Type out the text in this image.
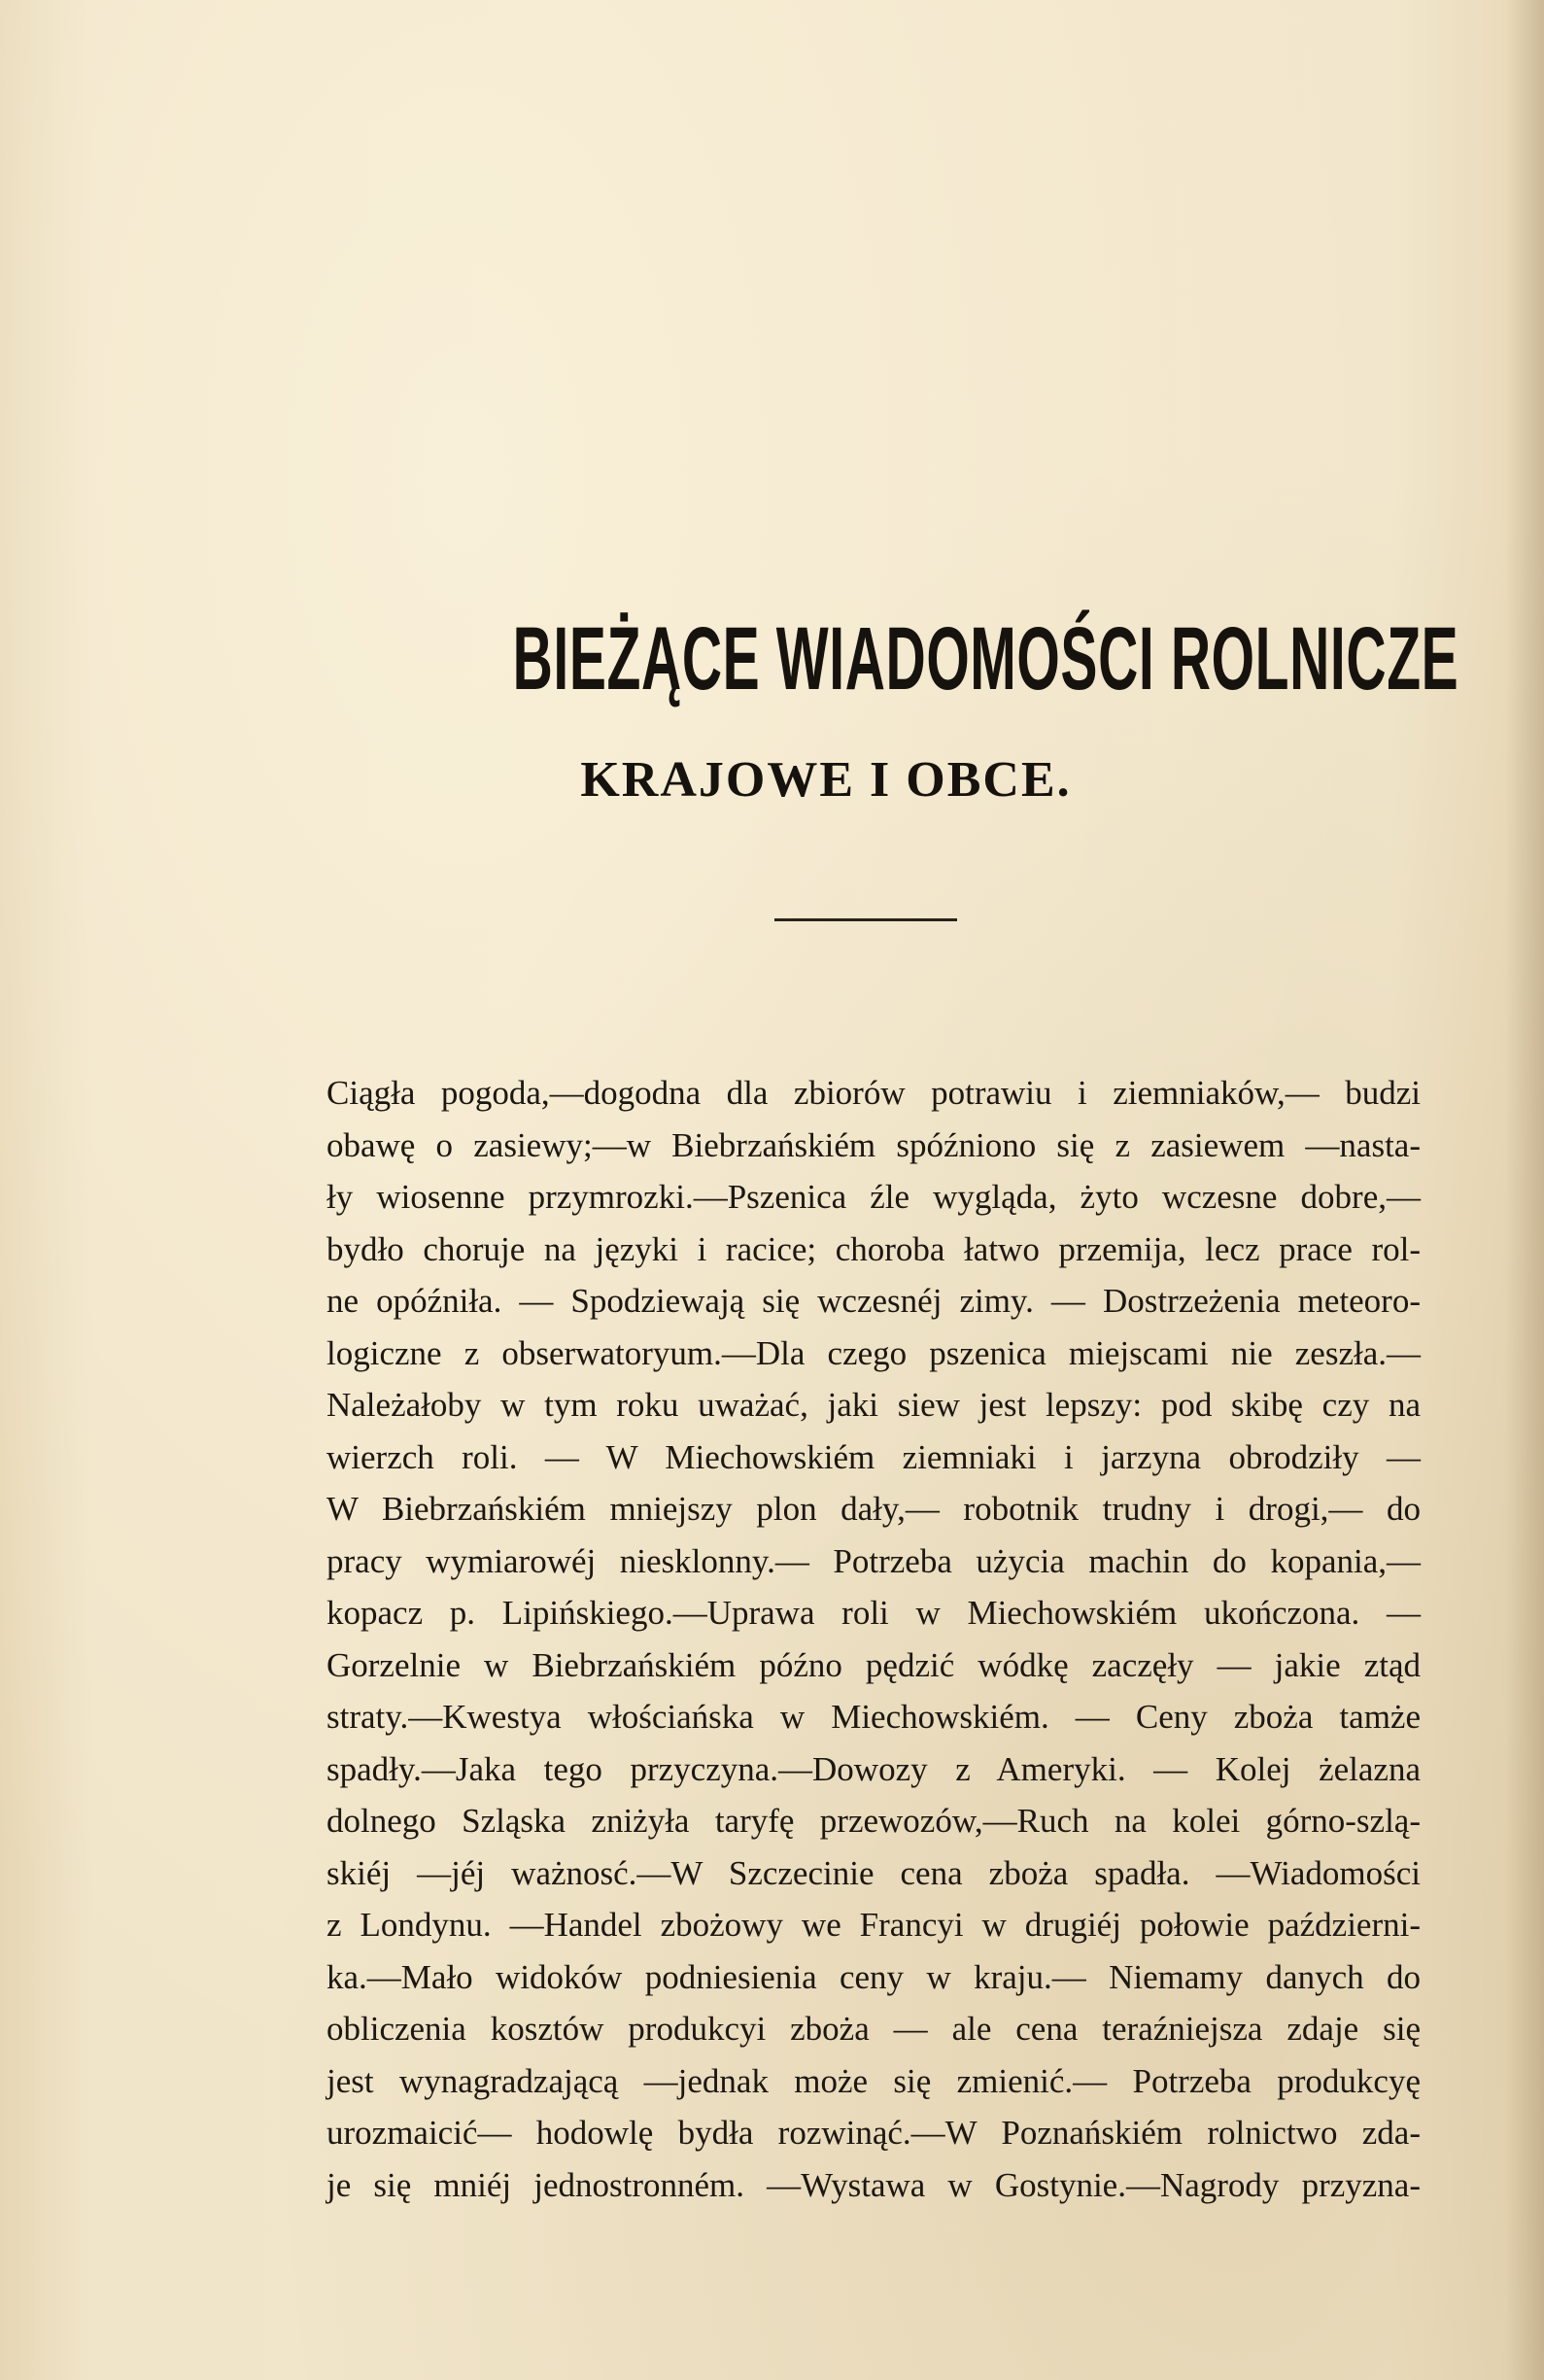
BIEŻĄCE WIADOMOŚCI ROLNICZE
KRAJOWE I OBCE.
Ciągła pogoda,—dogodna dla zbiorów potrawiu i ziemniaków,— budzi
obawę o zasiewy;—w Biebrzańskiém spóźniono się z zasiewem —nasta-
ły wiosenne przymrozki.—Pszenica źle wygląda, żyto wczesne dobre,—
bydło choruje na języki i racice; choroba łatwo przemija, lecz prace rol-
ne opóźniła. — Spodziewają się wczesnéj zimy. — Dostrzeżenia meteoro-
logiczne z obserwatoryum.—Dla czego pszenica miejscami nie zeszła.—
Należałoby w tym roku uważać, jaki siew jest lepszy: pod skibę czy na
wierzch roli. — W Miechowskiém ziemniaki i jarzyna obrodziły —
W Biebrzańskiém mniejszy plon dały,— robotnik trudny i drogi,— do
pracy wymiarowéj niesklonny.— Potrzeba użycia machin do kopania,—
kopacz p. Lipińskiego.—Uprawa roli w Miechowskiém ukończona. —
Gorzelnie w Biebrzańskiém późno pędzić wódkę zaczęły — jakie ztąd
straty.—Kwestya włościańska w Miechowskiém. — Ceny zboża tamże
spadły.—Jaka tego przyczyna.—Dowozy z Ameryki. — Kolej żelazna
dolnego Szląska zniżyła taryfę przewozów,—Ruch na kolei górno-szlą-
skiéj —jéj ważnosć.—W Szczecinie cena zboża spadła. —Wiadomości
z Londynu. —Handel zbożowy we Francyi w drugiéj połowie październi-
ka.—Mało widoków podniesienia ceny w kraju.— Niemamy danych do
obliczenia kosztów produkcyi zboża — ale cena teraźniejsza zdaje się
jest wynagradzającą —jednak może się zmienić.— Potrzeba produkcyę
urozmaicić— hodowlę bydła rozwinąć.—W Poznańskiém rolnictwo zda-
je się mniéj jednostronném. —Wystawa w Gostynie.—Nagrody przyzna-
